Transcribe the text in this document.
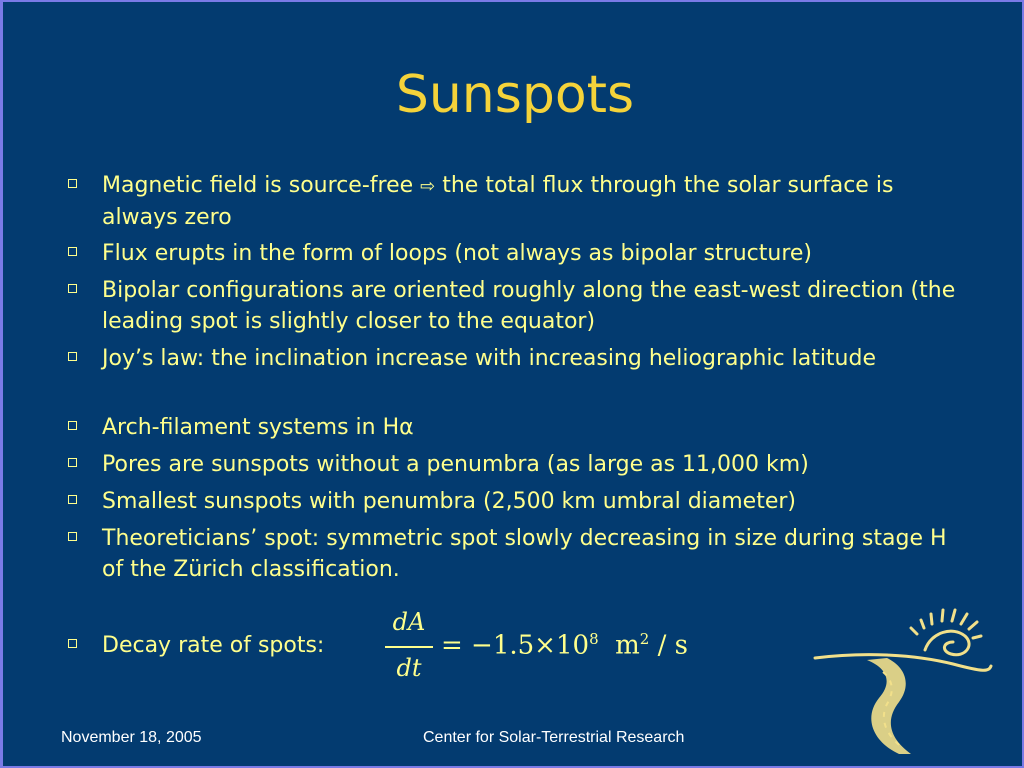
Sunspots
Magnetic field is source-free ⇨ the total flux through the solar surface is always zero
Flux erupts in the form of loops (not always as bipolar structure)
Bipolar configurations are oriented roughly along the east-west direction (the leading spot is slightly closer to the equator)
Joy’s law: the inclination increase with increasing heliographic latitude
Arch-filament systems in Hα
Pores are sunspots without a penumbra (as large as 11,000 km)
Smallest sunspots with penumbra (2,500 km umbral diameter)
Theoreticians’ spot: symmetric spot slowly decreasing in size during stage H of the Zürich classification.
Decay rate of spots:
dA
dt
= $-1.5\times 10^8$ $m^2$ / s
November 18, 2005	Center for Solar-Terrestrial Research
